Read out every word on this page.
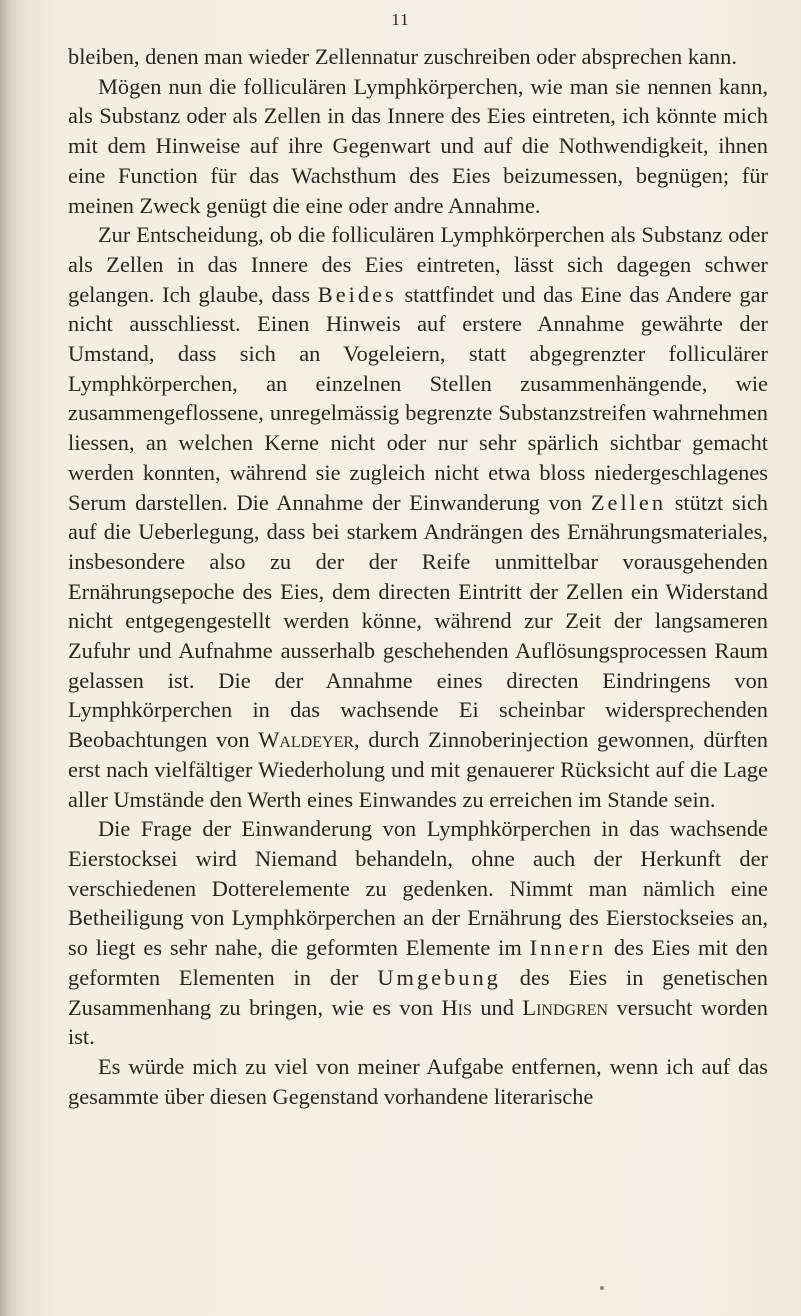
11

bleiben, denen man wieder Zellennatur zuschreiben oder absprechen kann.

Mögen nun die folliculären Lymphkörperchen, wie man sie nennen kann, als Substanz oder als Zellen in das Innere des Eies eintreten, ich könnte mich mit dem Hinweise auf ihre Gegenwart und auf die Nothwendigkeit, ihnen eine Function für das Wachsthum des Eies beizumessen, begnügen; für meinen Zweck genügt die eine oder andre Annahme.

Zur Entscheidung, ob die folliculären Lymphkörperchen als Substanz oder als Zellen in das Innere des Eies eintreten, lässt sich dagegen schwer gelangen. Ich glaube, dass Beides stattfindet und das Eine das Andere gar nicht ausschliesst. Einen Hinweis auf erstere Annahme gewährte der Umstand, dass sich an Vogeleiern, statt abgegrenzter folliculärer Lymphkörperchen, an einzelnen Stellen zusammenhängende, wie zusammengeflossene, unregelmässig begrenzte Substanzstreifen wahrnehmen liessen, an welchen Kerne nicht oder nur sehr spärlich sichtbar gemacht werden konnten, während sie zugleich nicht etwa bloss niedergeschlagenes Serum darstellen. Die Annahme der Einwanderung von Zellen stützt sich auf die Ueberlegung, dass bei starkem Andrängen des Ernährungsmateriales, insbesondere also zu der der Reife unmittelbar vorausgehenden Ernährungsepoche des Eies, dem directen Eintritt der Zellen ein Widerstand nicht entgegengestellt werden könne, während zur Zeit der langsameren Zufuhr und Aufnahme ausserhalb geschehenden Auflösungsprocessen Raum gelassen ist. Die der Annahme eines directen Eindringens von Lymphkörperchen in das wachsende Ei scheinbar widersprechenden Beobachtungen von Waldeyer, durch Zinnoberinjection gewonnen, dürften erst nach vielfältiger Wiederholung und mit genauerer Rücksicht auf die Lage aller Umstände den Werth eines Einwandes zu erreichen im Stande sein.

Die Frage der Einwanderung von Lymphkörperchen in das wachsende Eierstocksei wird Niemand behandeln, ohne auch der Herkunft der verschiedenen Dotterelemente zu gedenken. Nimmt man nämlich eine Betheiligung von Lymphkörperchen an der Ernährung des Eierstockseies an, so liegt es sehr nahe, die geformten Elemente im Innern des Eies mit den geformten Elementen in der Umgebung des Eies in genetischen Zusammenhang zu bringen, wie es von His und Lindgren versucht worden ist.

Es würde mich zu viel von meiner Aufgabe entfernen, wenn ich auf das gesammte über diesen Gegenstand vorhandene literarische
